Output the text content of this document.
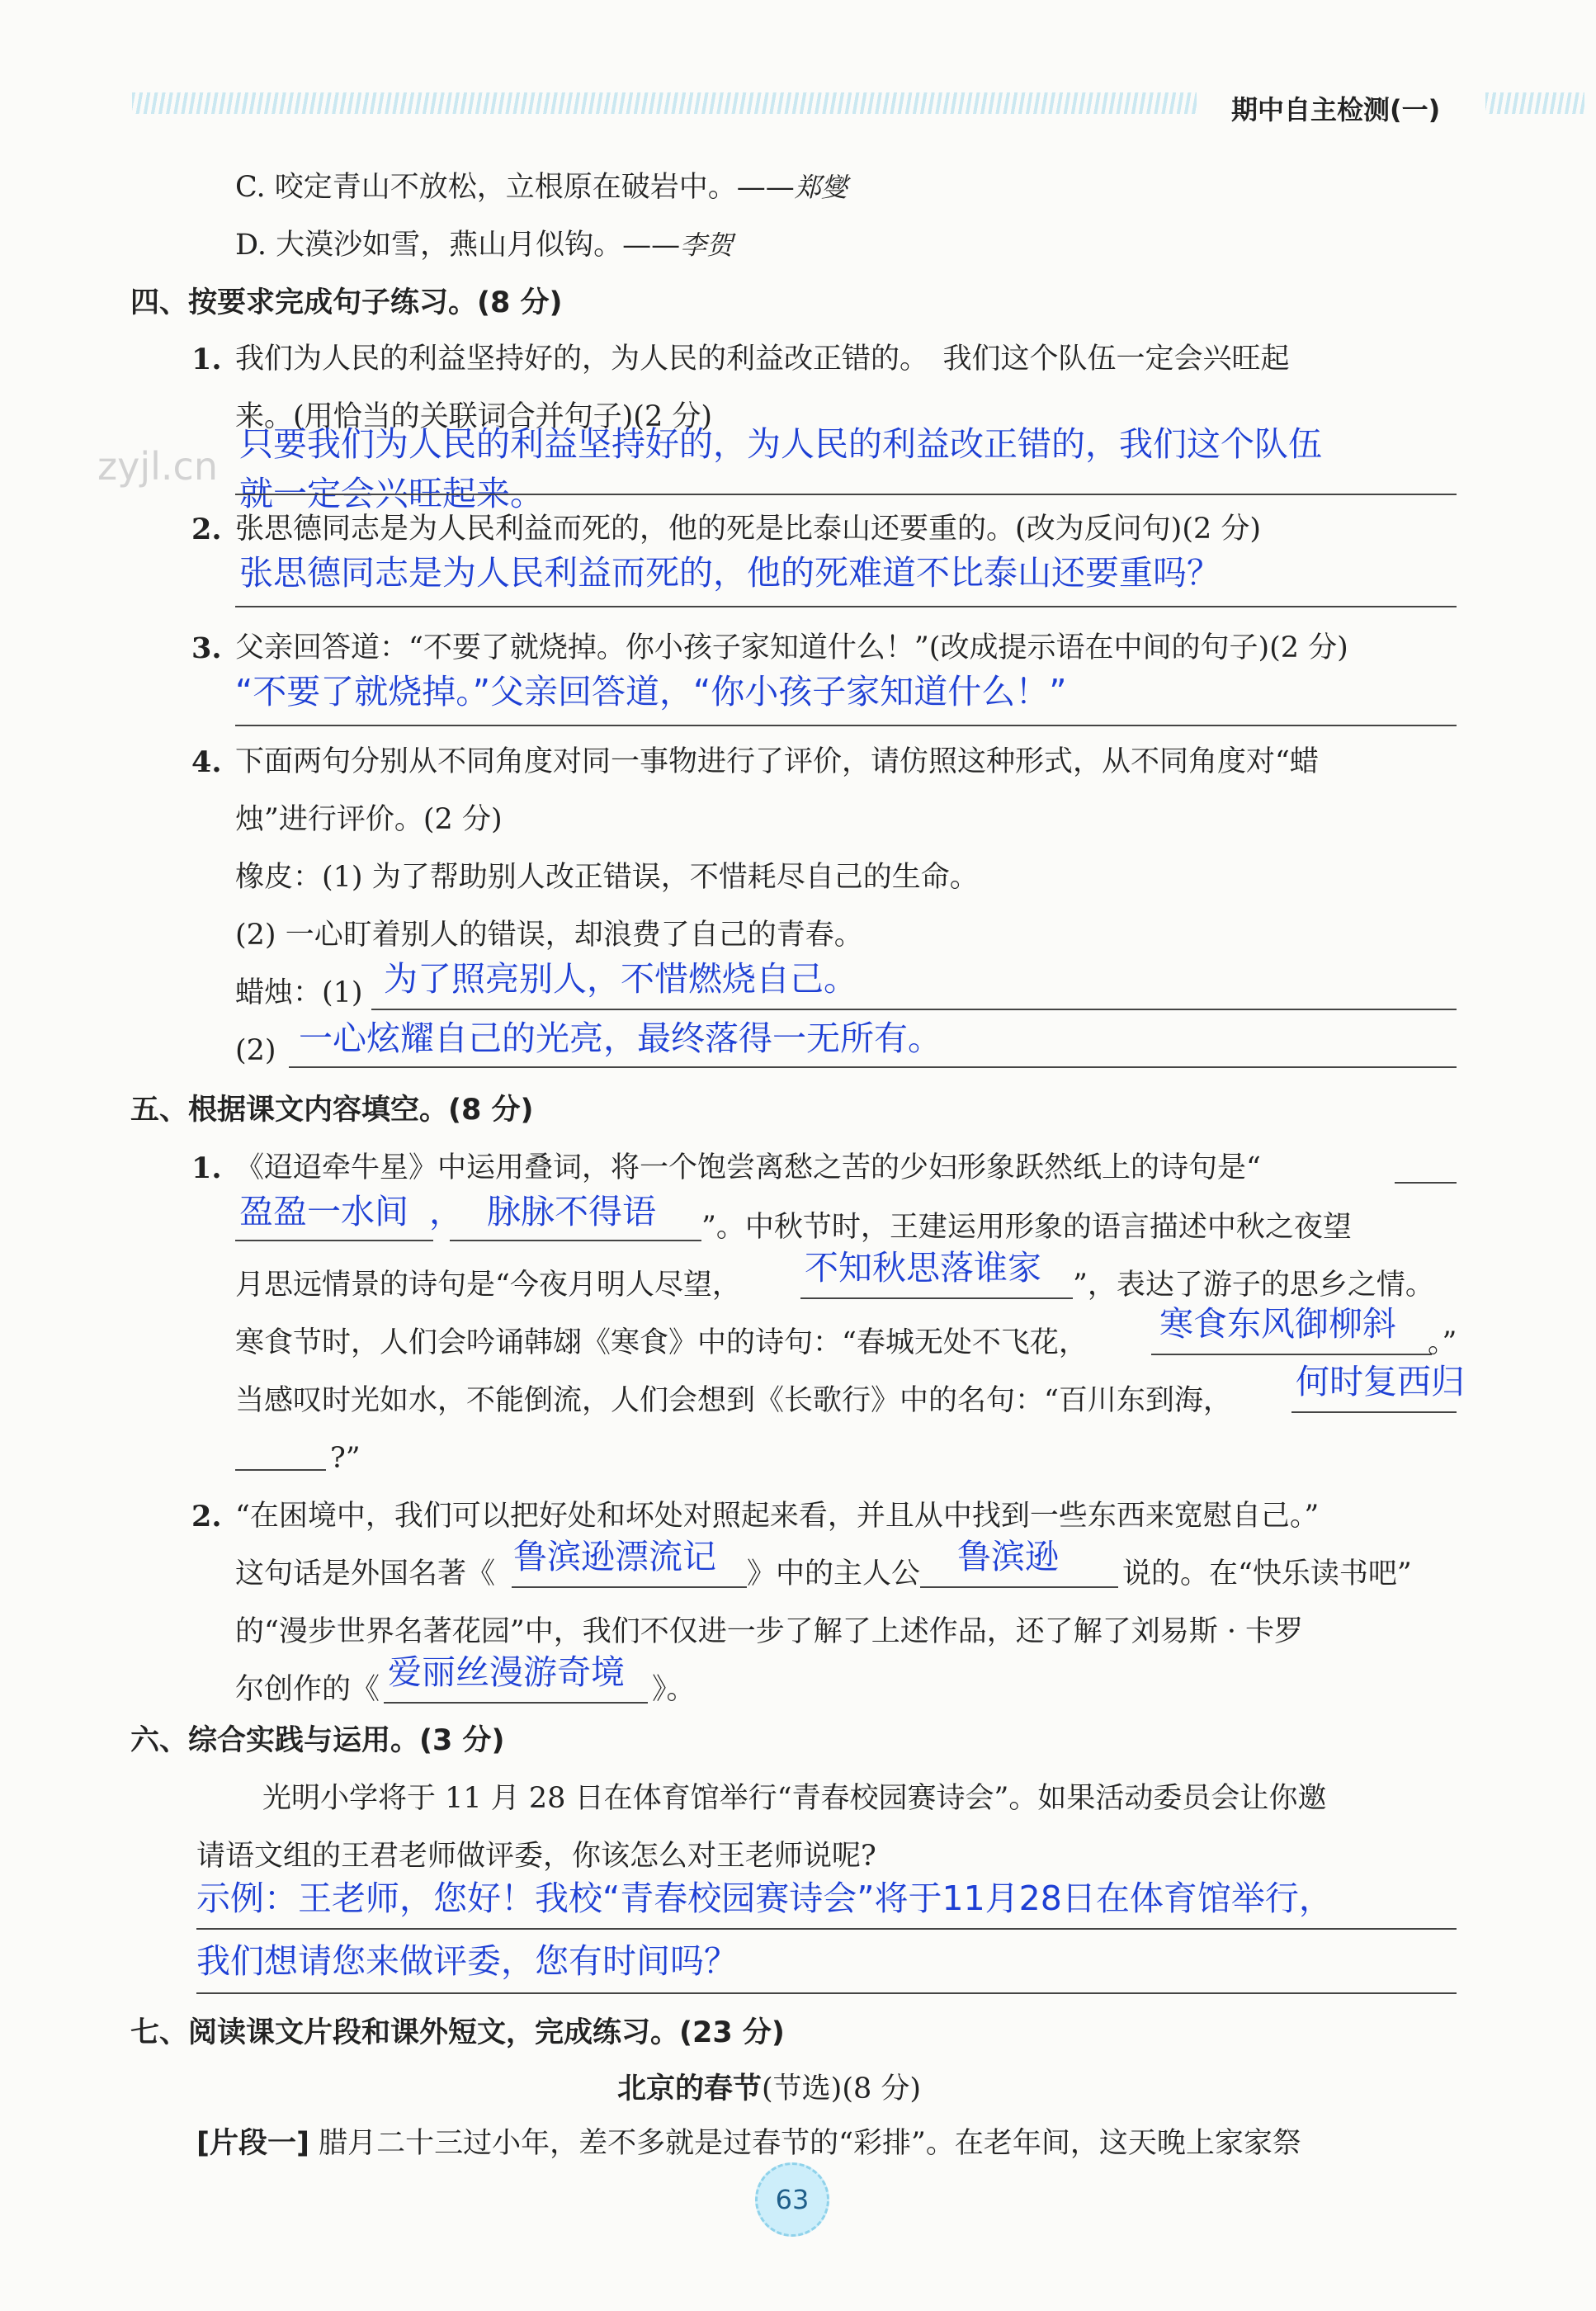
期中自主检测(一)
zyjl.cn
C. 咬定青山不放松，立根原在破岩中。——郑燮
D. 大漠沙如雪，燕山月似钩。——李贺
四、按要求完成句子练习。(8 分)
1. 我们为人民的利益坚持好的，为人民的利益改正错的。　我们这个队伍一定会兴旺起
来。(用恰当的关联词合并句子)(2 分)
只要我们为人民的利益坚持好的，为人民的利益改正错的，我们这个队伍
就一定会兴旺起来。
2. 张思德同志是为人民利益而死的，他的死是比泰山还要重的。(改为反问句)(2 分)
张思德同志是为人民利益而死的，他的死难道不比泰山还要重吗？
3. 父亲回答道：“不要了就烧掉。你小孩子家知道什么！”(改成提示语在中间的句子)(2 分)
“不要了就烧掉。”父亲回答道，“你小孩子家知道什么！”
4. 下面两句分别从不同角度对同一事物进行了评价，请仿照这种形式，从不同角度对“蜡
烛”进行评价。(2 分)
橡皮：(1) 为了帮助别人改正错误，不惜耗尽自己的生命。
(2) 一心盯着别人的错误，却浪费了自己的青春。
蜡烛：(1) 为了照亮别人，不惜燃烧自己。
(2) 一心炫耀自己的光亮，最终落得一无所有。
五、根据课文内容填空。(8 分)
1. 《迢迢牵牛星》中运用叠词，将一个饱尝离愁之苦的少妇形象跃然纸上的诗句是“
盈盈一水间 ， 脉脉不得语 ”。中秋节时，王建运用形象的语言描述中秋之夜望
月思远情景的诗句是“今夜月明人尽望， 不知秋思落谁家 ”，表达了游子的思乡之情。
寒食节时，人们会吟诵韩翃《寒食》中的诗句：“春城无处不飞花， 寒食东风御柳斜 。”
当感叹时光如水，不能倒流，人们会想到《长歌行》中的名句：“百川东到海， 何时复西归
?”
2. “在困境中，我们可以把好处和坏处对照起来看，并且从中找到一些东西来宽慰自己。”
这句话是外国名著《 鲁滨逊漂流记 》中的主人公 鲁滨逊 说的。在“快乐读书吧”
的“漫步世界名著花园”中，我们不仅进一步了解了上述作品，还了解了刘易斯 · 卡罗
尔创作的《 爱丽丝漫游奇境 》。
六、综合实践与运用。(3 分)
光明小学将于 11 月 28 日在体育馆举行“青春校园赛诗会”。如果活动委员会让你邀
请语文组的王君老师做评委，你该怎么对王老师说呢?
示例：王老师，您好！我校“青春校园赛诗会”将于11月28日在体育馆举行，
我们想请您来做评委，您有时间吗？
七、阅读课文片段和课外短文，完成练习。(23 分)
北京的春节(节选)(8 分)
[片段一] 腊月二十三过小年，差不多就是过春节的“彩排”。在老年间，这天晚上家家祭
63
